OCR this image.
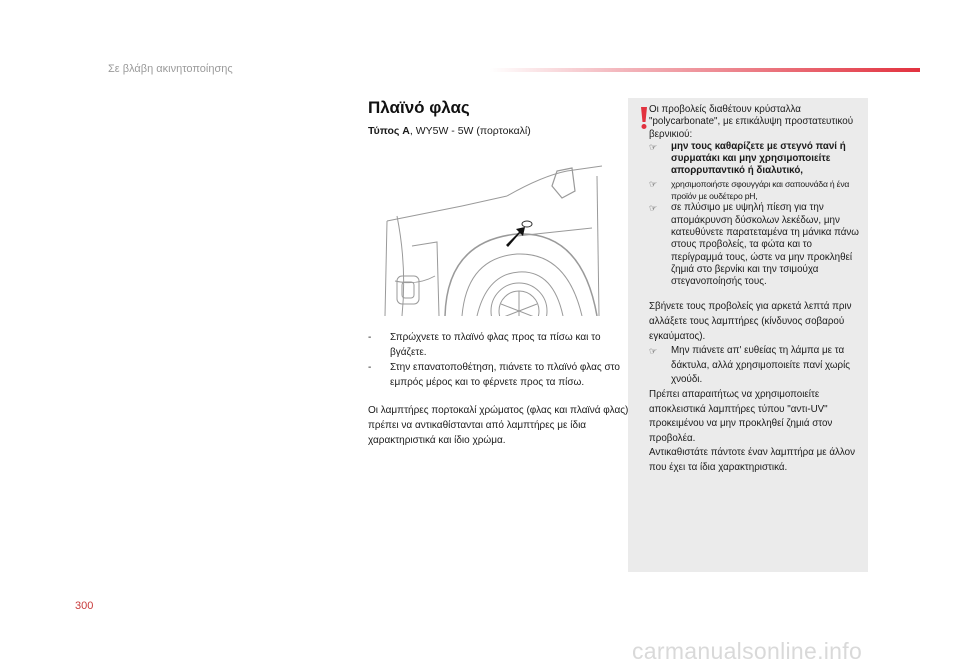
Σε βλάβη ακινητοποίησης
Πλαϊνό φλας
Τύπος A, WY5W - 5W (πορτοκαλί)
- Σπρώχνετε το πλαϊνό φλας προς τα πίσω και το βγάζετε.
- Στην επανατοποθέτηση, πιάνετε το πλαϊνό φλας στο εμπρός μέρος και το φέρνετε προς τα πίσω.

Οι λαμπτήρες πορτοκαλί χρώματος (φλας και πλαϊνά φλας) πρέπει να αντικαθίστανται από λαμπτήρες με ίδια χαρακτηριστικά και ίδιο χρώμα.

Οι προβολείς διαθέτουν κρύσταλλα "polycarbonate", με επικάλυψη προστατευτικού βερνικιού:

☞ μην τους καθαρίζετε με στεγνό πανί ή συρματάκι και μην χρησιμοποιείτε απορρυπαντικό ή διαλυτικό,

☞ χρησιμοποιήστε σφουγγάρι και σαπουνάδα ή ένα προϊόν με ουδέτερο pH,

☞ σε πλύσιμο με υψηλή πίεση για την απομάκρυνση δύσκολων λεκέδων, μην κατευθύνετε παρατεταμένα τη μάνικα πάνω στους προβολείς, τα φώτα και το περίγραμμά τους, ώστε να μην προκληθεί ζημιά στο βερνίκι και την τσιμούχα στεγανοποίησής τους.

Σβήνετε τους προβολείς για αρκετά λεπτά πριν αλλάξετε τους λαμπτήρες (κίνδυνος σοβαρού εγκαύματος).

☞ Μην πιάνετε απ' ευθείας τη λάμπα με τα δάκτυλα, αλλά χρησιμοποιείτε πανί χωρίς χνούδι.

Πρέπει απαραιτήτως να χρησιμοποιείτε αποκλειστικά λαμπτήρες τύπου "αντι-UV" προκειμένου να μην προκληθεί ζημιά στον προβολέα.

Αντικαθιστάτε πάντοτε έναν λαμπτήρα με άλλον που έχει τα ίδια χαρακτηριστικά.

300
carmanualsonline.info
